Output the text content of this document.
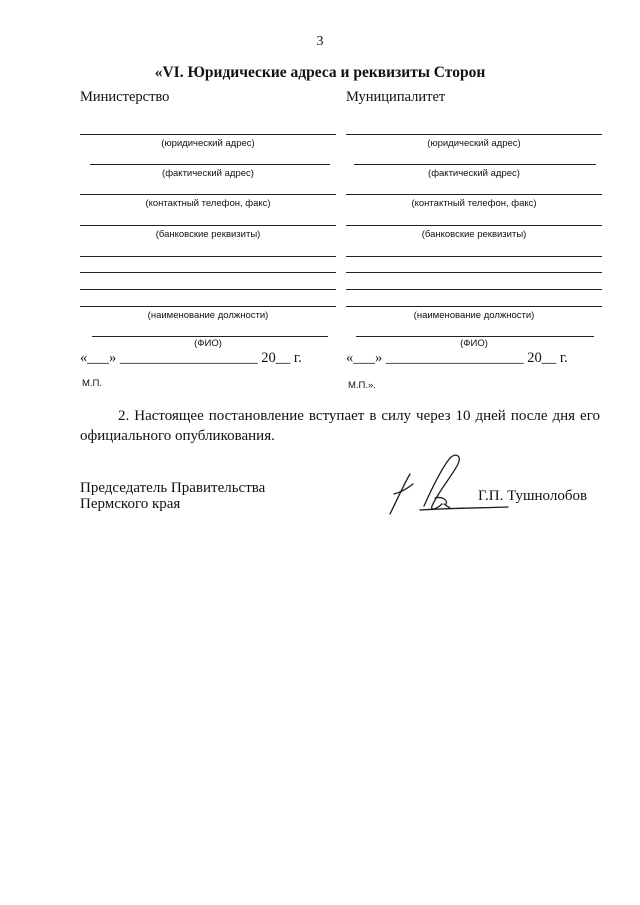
3
«VI. Юридические адреса и реквизиты Сторон
Министерство	Муниципалитет
(юридический адрес)
(фактический адрес)
(контактный телефон, факс)
(банковские реквизиты)
(наименование должности)
(ФИО)
«___» ___________________ 20__ г.
М.П.
(юридический адрес)
(фактический адрес)
(контактный телефон, факс)
(банковские реквизиты)
(наименование должности)
(ФИО)
«___» ___________________ 20__ г.
М.П.».
2. Настоящее постановление вступает в силу через 10 дней после дня его официального опубликования.
Председатель Правительства
Пермского края	Г.П. Тушнолобов
